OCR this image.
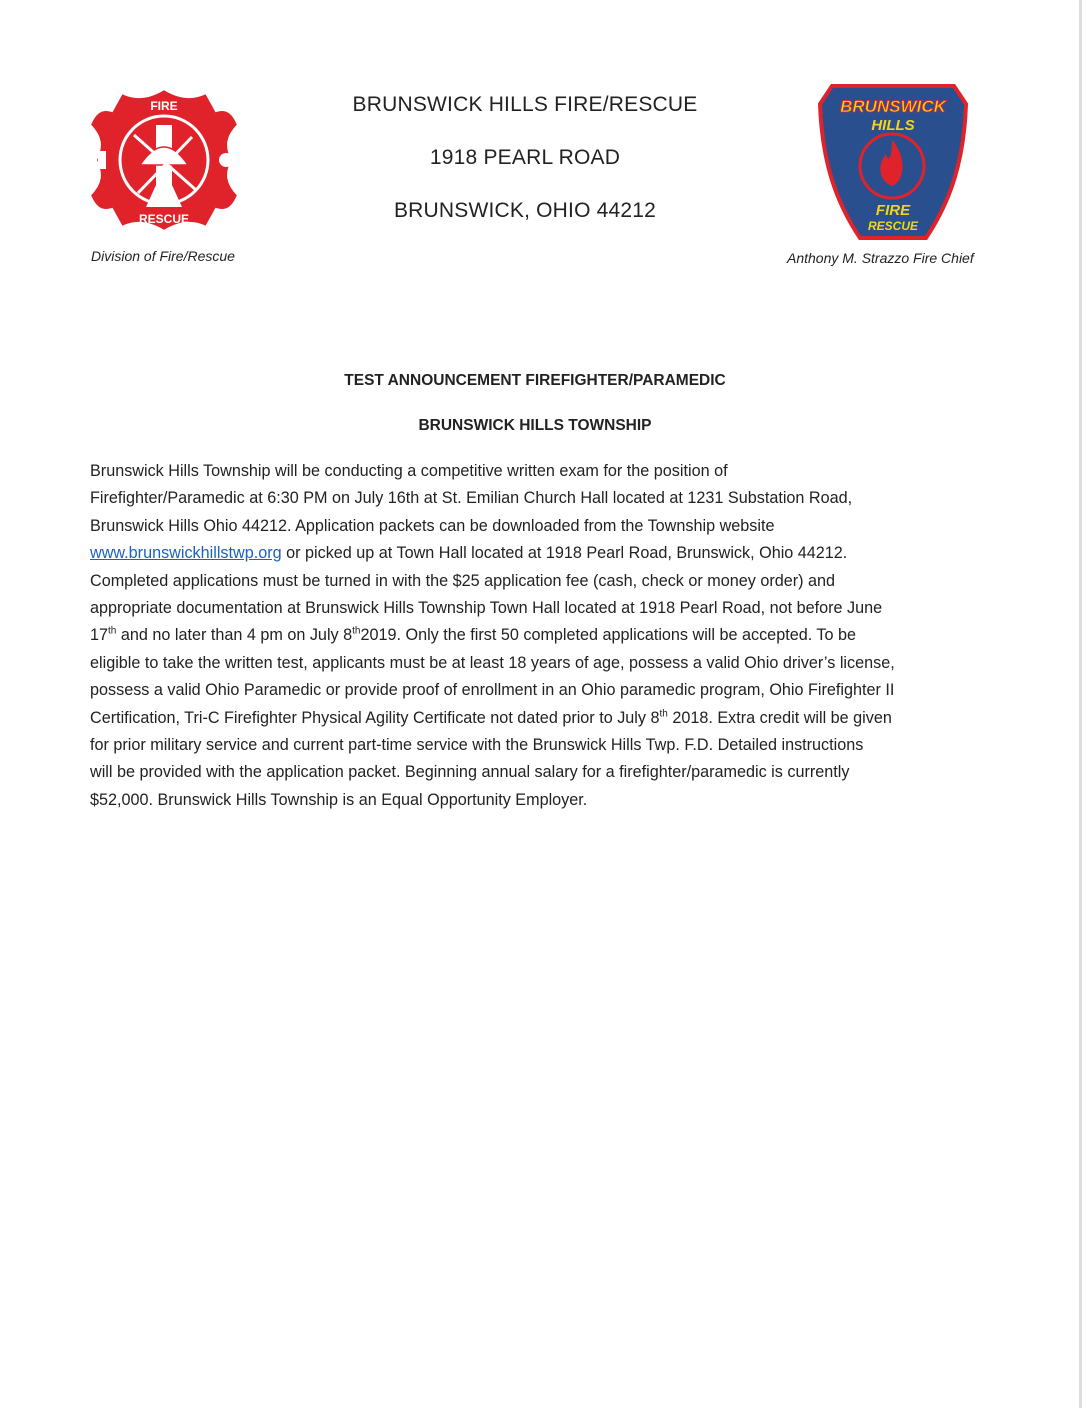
FIRE
RESCUE
Division of Fire/Rescue
BRUNSWICK HILLS FIRE/RESCUE
1918 PEARL ROAD
BRUNSWICK, OHIO 44212
BRUNSWICK
HILLS
FIRE
RESCUE
Anthony M. Strazzo Fire Chief
TEST ANNOUNCEMENT FIREFIGHTER/PARAMEDIC
BRUNSWICK HILLS TOWNSHIP
Brunswick Hills Township will be conducting a competitive written exam for the position of
Firefighter/Paramedic at 6:30 PM on July 16th at St. Emilian Church Hall located at 1231 Substation Road,
Brunswick Hills Ohio 44212. Application packets can be downloaded from the Township website
www.brunswickhillstwp.org or picked up at Town Hall located at 1918 Pearl Road, Brunswick, Ohio 44212.
Completed applications must be turned in with the $25 application fee (cash, check or money order) and
appropriate documentation at Brunswick Hills Township Town Hall located at 1918 Pearl Road, not before June
17th and no later than 4 pm on July 8th2019. Only the first 50 completed applications will be accepted. To be
eligible to take the written test, applicants must be at least 18 years of age, possess a valid Ohio driver’s license,
possess a valid Ohio Paramedic or provide proof of enrollment in an Ohio paramedic program, Ohio Firefighter II
Certification, Tri-C Firefighter Physical Agility Certificate not dated prior to July 8th 2018. Extra credit will be given
for prior military service and current part-time service with the Brunswick Hills Twp. F.D. Detailed instructions
will be provided with the application packet. Beginning annual salary for a firefighter/paramedic is currently
$52,000. Brunswick Hills Township is an Equal Opportunity Employer.
